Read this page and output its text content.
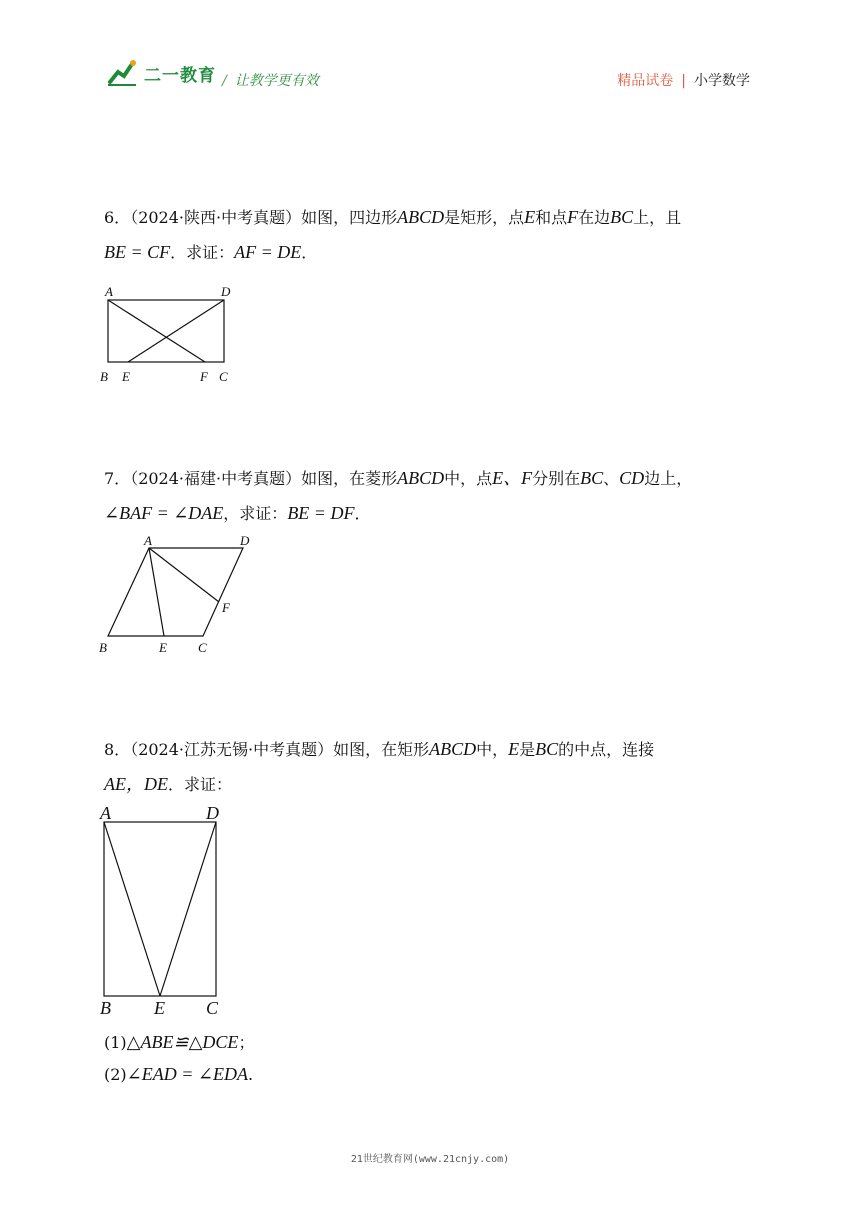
二一教育 / 让教学更有效	精品试卷 | 小学数学
6．（2024·陕西·中考真题）如图，四边形ABCD是矩形，点E和点F在边BC上，且
BE = CF．求证：AF = DE．
A	D
B E	F C
7．（2024·福建·中考真题）如图，在菱形ABCD中，点E、F分别在BC、CD边上，
∠BAF = ∠DAE，求证：BE = DF．
A	D
B	E C
F
8．（2024·江苏无锡·中考真题）如图，在矩形ABCD中，E是BC的中点，连接
AE，DE．求证：
A	D
B E C
(1)△ABE≌△DCE；
(2)∠EAD = ∠EDA.
21世纪教育网(www.21cnjy.com)
